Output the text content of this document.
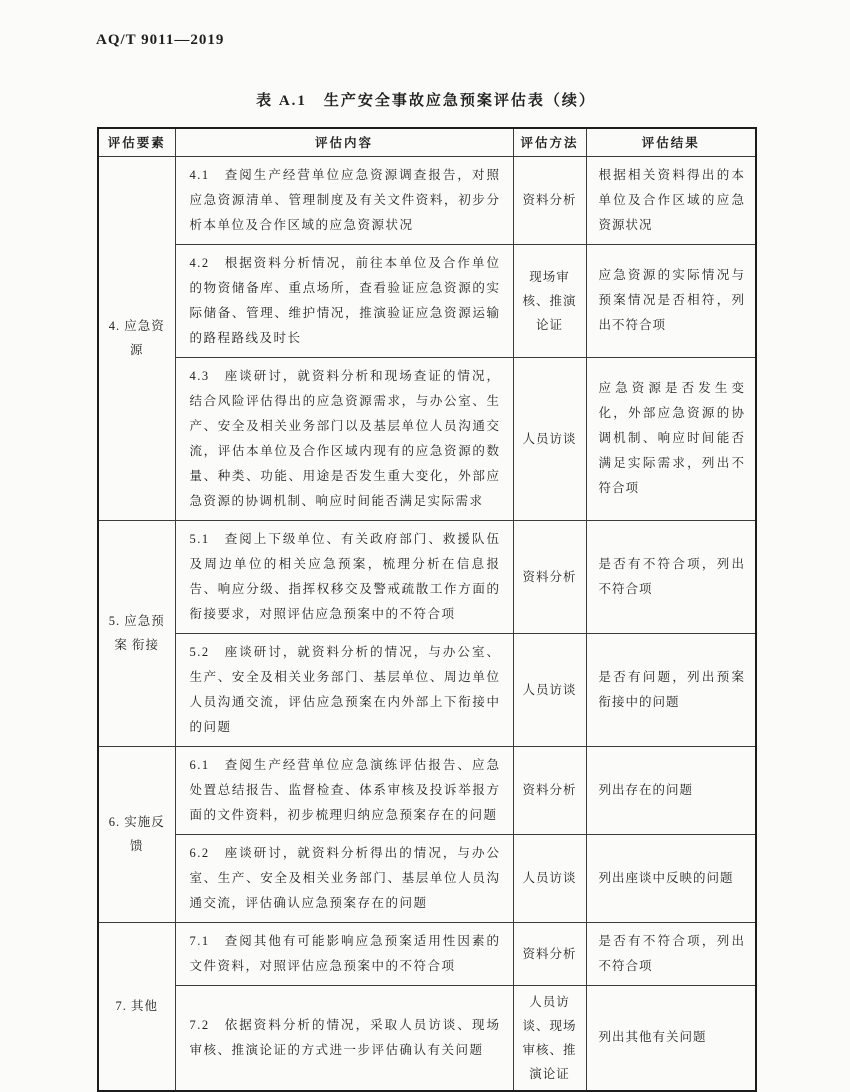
AQ/T 9011—2019
表 A.1　生产安全事故应急预案评估表（续）
评估要素	评估内容	评估方法	评估结果
4. 应急资源	4.1　查阅生产经营单位应急资源调查报告，对照应急资源清单、管理制度及有关文件资料，初步分析本单位及合作区域的应急资源状况	资料分析	根据相关资料得出的本单位及合作区域的应急资源状况
	4.2　根据资料分析情况，前往本单位及合作单位的物资储备库、重点场所，查看验证应急资源的实际储备、管理、维护情况，推演验证应急资源运输的路程路线及时长	现场审核、推演论证	应急资源的实际情况与预案情况是否相符，列出不符合项
	4.3　座谈研讨，就资料分析和现场查证的情况，结合风险评估得出的应急资源需求，与办公室、生产、安全及相关业务部门以及基层单位人员沟通交流，评估本单位及合作区域内现有的应急资源的数量、种类、功能、用途是否发生重大变化，外部应急资源的协调机制、响应时间能否满足实际需求	人员访谈	应急资源是否发生变化，外部应急资源的协调机制、响应时间能否满足实际需求，列出不符合项
5. 应急预案 衔接	5.1　查阅上下级单位、有关政府部门、救援队伍及周边单位的相关应急预案，梳理分析在信息报告、响应分级、指挥权移交及警戒疏散工作方面的衔接要求，对照评估应急预案中的不符合项	资料分析	是否有不符合项，列出不符合项
	5.2　座谈研讨，就资料分析的情况，与办公室、生产、安全及相关业务部门、基层单位、周边单位人员沟通交流，评估应急预案在内外部上下衔接中的问题	人员访谈	是否有问题，列出预案衔接中的问题
6. 实施反馈	6.1　查阅生产经营单位应急演练评估报告、应急处置总结报告、监督检查、体系审核及投诉举报方面的文件资料，初步梳理归纳应急预案存在的问题	资料分析	列出存在的问题
	6.2　座谈研讨，就资料分析得出的情况，与办公室、生产、安全及相关业务部门、基层单位人员沟通交流，评估确认应急预案存在的问题	人员访谈	列出座谈中反映的问题
7. 其他	7.1　查阅其他有可能影响应急预案适用性因素的文件资料，对照评估应急预案中的不符合项	资料分析	是否有不符合项，列出不符合项
	7.2　依据资料分析的情况，采取人员访谈、现场审核、推演论证的方式进一步评估确认有关问题	人员访谈、现场审核、推演论证	列出其他有关问题
